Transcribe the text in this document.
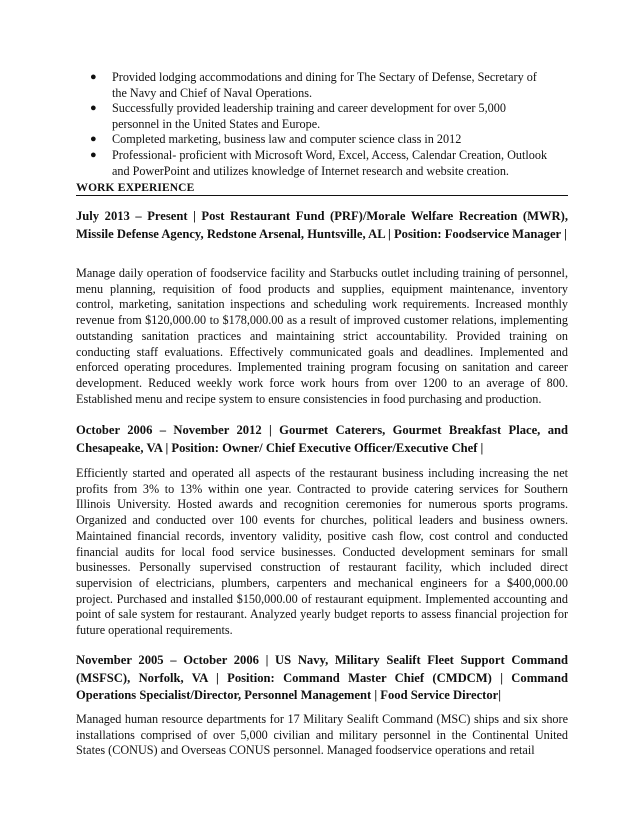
● Provided lodging accommodations and dining for The Sectary of Defense, Secretary of
the Navy and Chief of Naval Operations.
● Successfully provided leadership training and career development for over 5,000
personnel in the United States and Europe.
● Completed marketing, business law and computer science class in 2012
● Professional- proficient with Microsoft Word, Excel, Access, Calendar Creation, Outlook
and PowerPoint and utilizes knowledge of Internet research and website creation.
WORK EXPERIENCE
July 2013 – Present | Post Restaurant Fund (PRF)/Morale Welfare Recreation (MWR), Missile Defense Agency, Redstone Arsenal, Huntsville, AL | Position: Foodservice Manager |
Manage daily operation of foodservice facility and Starbucks outlet including training of personnel, menu planning, requisition of food products and supplies, equipment maintenance, inventory control, marketing, sanitation inspections and scheduling work requirements. Increased monthly revenue from $120,000.00 to $178,000.00 as a result of improved customer relations, implementing outstanding sanitation practices and maintaining strict accountability. Provided training on conducting staff evaluations. Effectively communicated goals and deadlines. Implemented and enforced operating procedures. Implemented training program focusing on sanitation and career development. Reduced weekly work force work hours from over 1200 to an average of 800. Established menu and recipe system to ensure consistencies in food purchasing and production.
October 2006 – November 2012 | Gourmet Caterers, Gourmet Breakfast Place, and Chesapeake, VA | Position: Owner/ Chief Executive Officer/Executive Chef |
Efficiently started and operated all aspects of the restaurant business including increasing the net profits from 3% to 13% within one year. Contracted to provide catering services for Southern Illinois University. Hosted awards and recognition ceremonies for numerous sports programs. Organized and conducted over 100 events for churches, political leaders and business owners. Maintained financial records, inventory validity, positive cash flow, cost control and conducted financial audits for local food service businesses. Conducted development seminars for small businesses. Personally supervised construction of restaurant facility, which included direct supervision of electricians, plumbers, carpenters and mechanical engineers for a $400,000.00 project. Purchased and installed $150,000.00 of restaurant equipment. Implemented accounting and point of sale system for restaurant. Analyzed yearly budget reports to assess financial projection for future operational requirements.
November 2005 – October 2006 | US Navy, Military Sealift Fleet Support Command (MSFSC), Norfolk, VA | Position: Command Master Chief (CMDCM) | Command Operations Specialist/Director, Personnel Management | Food Service Director|
Managed human resource departments for 17 Military Sealift Command (MSC) ships and six shore installations comprised of over 5,000 civilian and military personnel in the Continental United States (CONUS) and Overseas CONUS personnel. Managed foodservice operations and retail
